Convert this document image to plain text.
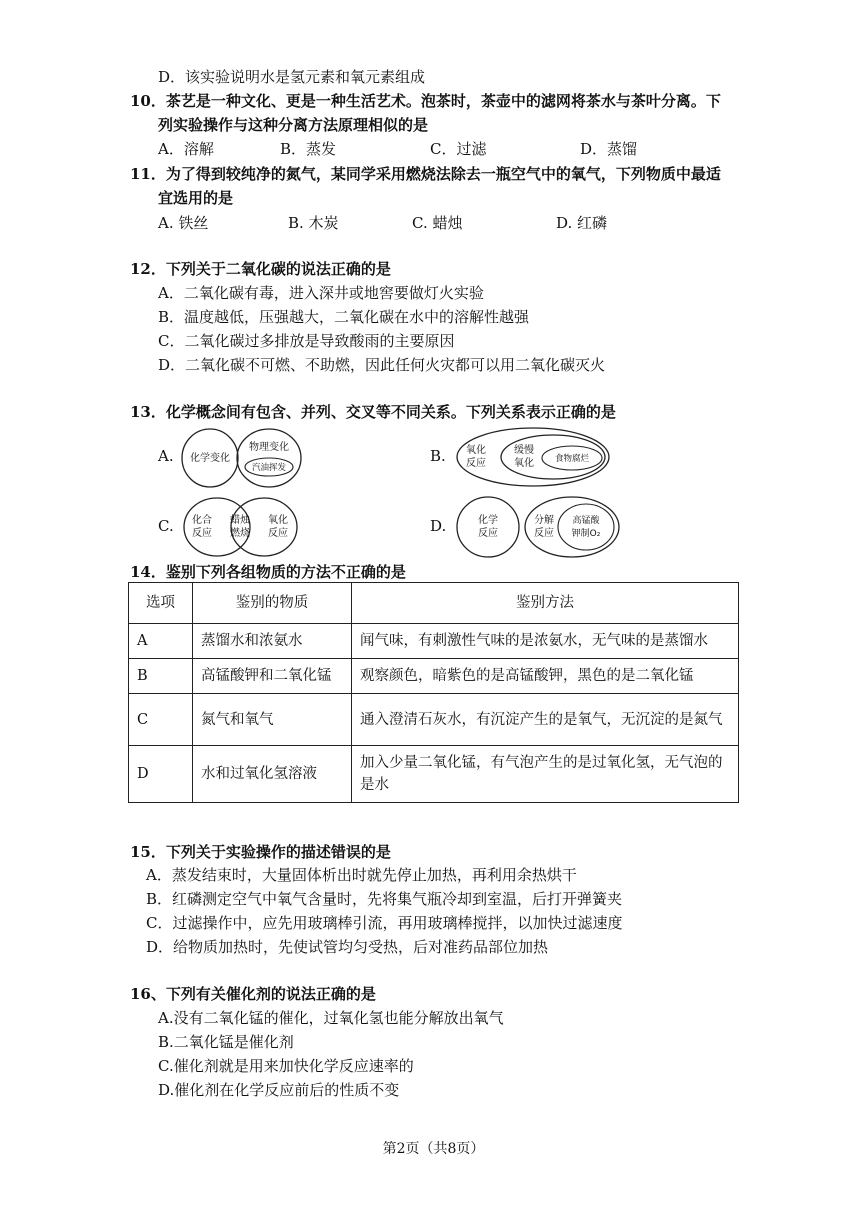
D．该实验说明水是氢元素和氧元素组成
10．茶艺是一种文化、更是一种生活艺术。泡茶时，茶壶中的滤网将茶水与茶叶分离。下
列实验操作与这种分离方法原理相似的是
A．溶解	B．蒸发	C．过滤	D．蒸馏
11．为了得到较纯净的氮气，某同学采用燃烧法除去一瓶空气中的氧气，下列物质中最适
宜选用的是
A. 铁丝	B. 木炭	C. 蜡烛	D. 红磷
12．下列关于二氧化碳的说法正确的是
A．二氧化碳有毒，进入深井或地窖要做灯火实验
B．温度越低，压强越大，二氧化碳在水中的溶解性越强
C．二氧化碳过多排放是导致酸雨的主要原因
D．二氧化碳不可燃、不助燃，因此任何火灾都可以用二氧化碳灭火
13．化学概念间有包含、并列、交叉等不同关系。下列关系表示正确的是
A. 化学变化
物理变化
汽油挥发
B. 氧化
反应
缓慢
氧化 食物腐烂
C. 化合
反应
蜡烛
燃烧
氧化
反应	D.	化学
反应
分解
反应
高锰酸
钾制O₂
14．鉴别下列各组物质的方法不正确的是
选项	鉴别的物质	鉴别方法
A	蒸馏水和浓氨水	闻气味，有刺激性气味的是浓氨水，无气味的是蒸馏水
B	高锰酸钾和二氧化锰	观察颜色，暗紫色的是高锰酸钾，黑色的是二氧化锰
C	氮气和氧气	通入澄清石灰水，有沉淀产生的是氧气，无沉淀的是氮气
D	水和过氧化氢溶液	加入少量二氧化锰，有气泡产生的是过氧化氢，无气泡的是水
15．下列关于实验操作的描述错误的是
A．蒸发结束时，大量固体析出时就先停止加热，再利用余热烘干
B．红磷测定空气中氧气含量时，先将集气瓶冷却到室温，后打开弹簧夹
C．过滤操作中，应先用玻璃棒引流，再用玻璃棒搅拌，以加快过滤速度
D．给物质加热时，先使试管均匀受热，后对准药品部位加热
16、下列有关催化剂的说法正确的是
A.没有二氧化锰的催化，过氧化氢也能分解放出氧气
B.二氧化锰是催化剂
C.催化剂就是用来加快化学反应速率的
D.催化剂在化学反应前后的性质不变
第2页（共8页）
